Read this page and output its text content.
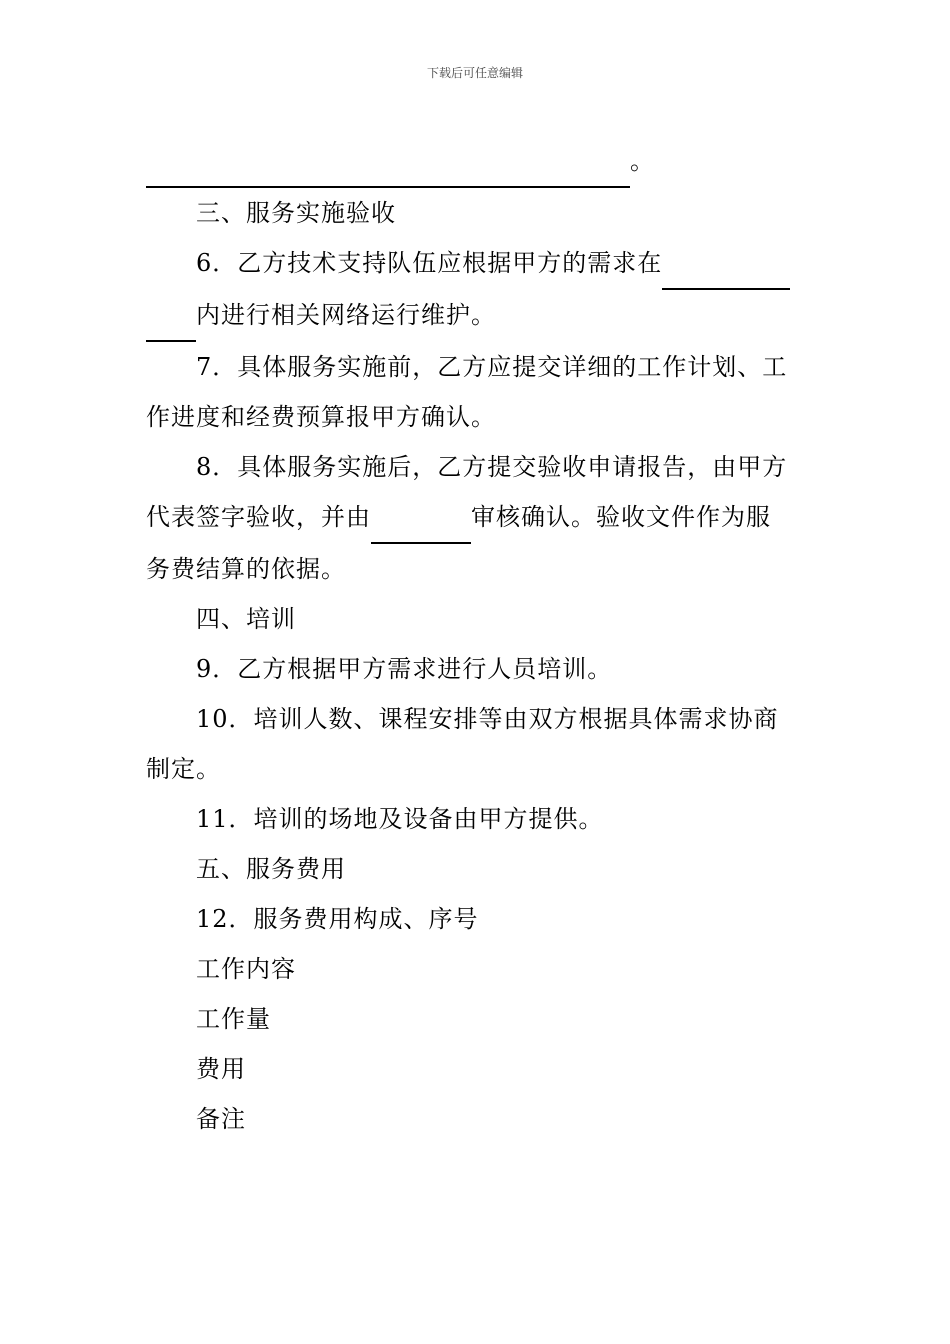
下载后可任意编辑

。

三、服务实施验收

6．乙方技术支持队伍应根据甲方的需求在

内进行相关网络运行维护。

7．具体服务实施前，乙方应提交详细的工作计划、工

作进度和经费预算报甲方确认。

8．具体服务实施后，乙方提交验收申请报告，由甲方

代表签字验收，并由	审核确认。验收文件作为服

务费结算的依据。

四、培训

9．乙方根据甲方需求进行人员培训。

10．培训人数、课程安排等由双方根据具体需求协商

制定。

11．培训的场地及设备由甲方提供。

五、服务费用

12．服务费用构成、序号

工作内容

工作量

费用

备注
